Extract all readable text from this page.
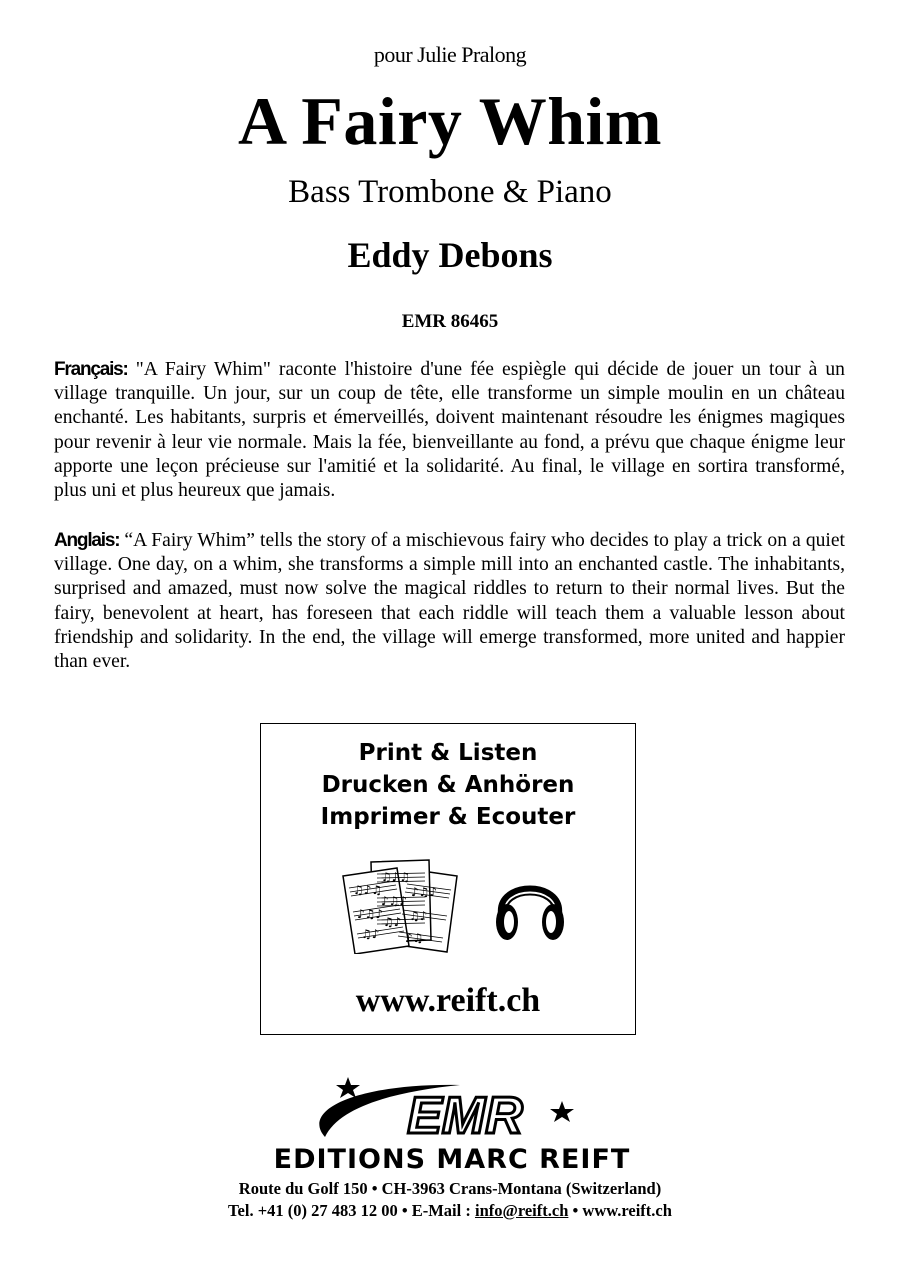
pour Julie Pralong
A Fairy Whim
Bass Trombone & Piano
Eddy Debons
EMR 86465
Français: "A Fairy Whim" raconte l'histoire d'une fée espiègle qui décide de jouer un tour à un village tranquille. Un jour, sur un coup de tête, elle transforme un simple moulin en un château enchanté. Les habitants, surpris et émerveillés, doivent maintenant résoudre les énigmes magiques pour revenir à leur vie normale. Mais la fée, bienveillante au fond, a prévu que chaque énigme leur apporte une leçon précieuse sur l'amitié et la solidarité. Au final, le village en sortira transformé, plus uni et plus heureux que jamais.
Anglais: “A Fairy Whim” tells the story of a mischievous fairy who decides to play a trick on a quiet village. One day, on a whim, she transforms a simple mill into an enchanted castle. The inhabitants, surprised and amazed, must now solve the magical riddles to return to their normal lives. But the fairy, benevolent at heart, has foreseen that each riddle will teach them a valuable lesson about friendship and solidarity. In the end, the village will emerge transformed, more united and happier than ever.
Print & Listen
Drucken & Anhören
Imprimer & Ecouter
♫♪♫
♪♫♪
♫♪
♫♪♫
♪♫♪
♫♪
♪♫♪
♫♪
♪♫
www.reift.ch
EMR
EDITIONS MARC REIFT
Route du Golf 150 • CH-3963 Crans-Montana (Switzerland)
Tel. +41 (0) 27 483 12 00 • E-Mail : info@reift.ch • www.reift.ch
